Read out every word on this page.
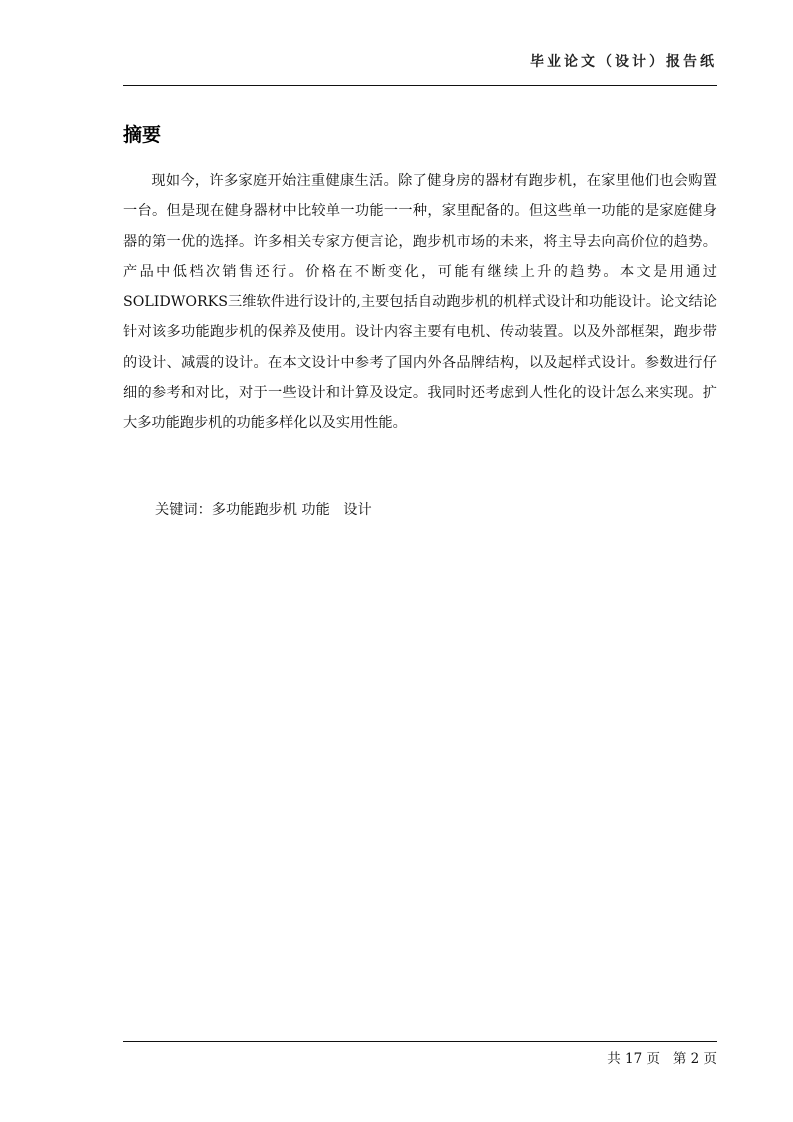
毕业论文（设计）报告纸
摘要

现如今，许多家庭开始注重健康生活。除了健身房的器材有跑步机，在家里他们也会购置一台。但是现在健身器材中比较单一功能一一种，家里配备的。但这些单一功能的是家庭健身器的第一优的选择。许多相关专家方便言论，跑步机市场的未来，将主导去向高价位的趋势。产品中低档次销售还行。价格在不断变化，可能有继续上升的趋势。本文是用通过SOLIDWORKS三维软件进行设计的,主要包括自动跑步机的机样式设计和功能设计。论文结论针对该多功能跑步机的保养及使用。设计内容主要有电机、传动装置。以及外部框架，跑步带的设计、减震的设计。在本文设计中参考了国内外各品牌结构，以及起样式设计。参数进行仔细的参考和对比，对于一些设计和计算及设定。我同时还考虑到人性化的设计怎么来实现。扩大多功能跑步机的功能多样化以及实用性能。

关键词：多功能跑步机 功能   设计
共 17 页   第 2 页
